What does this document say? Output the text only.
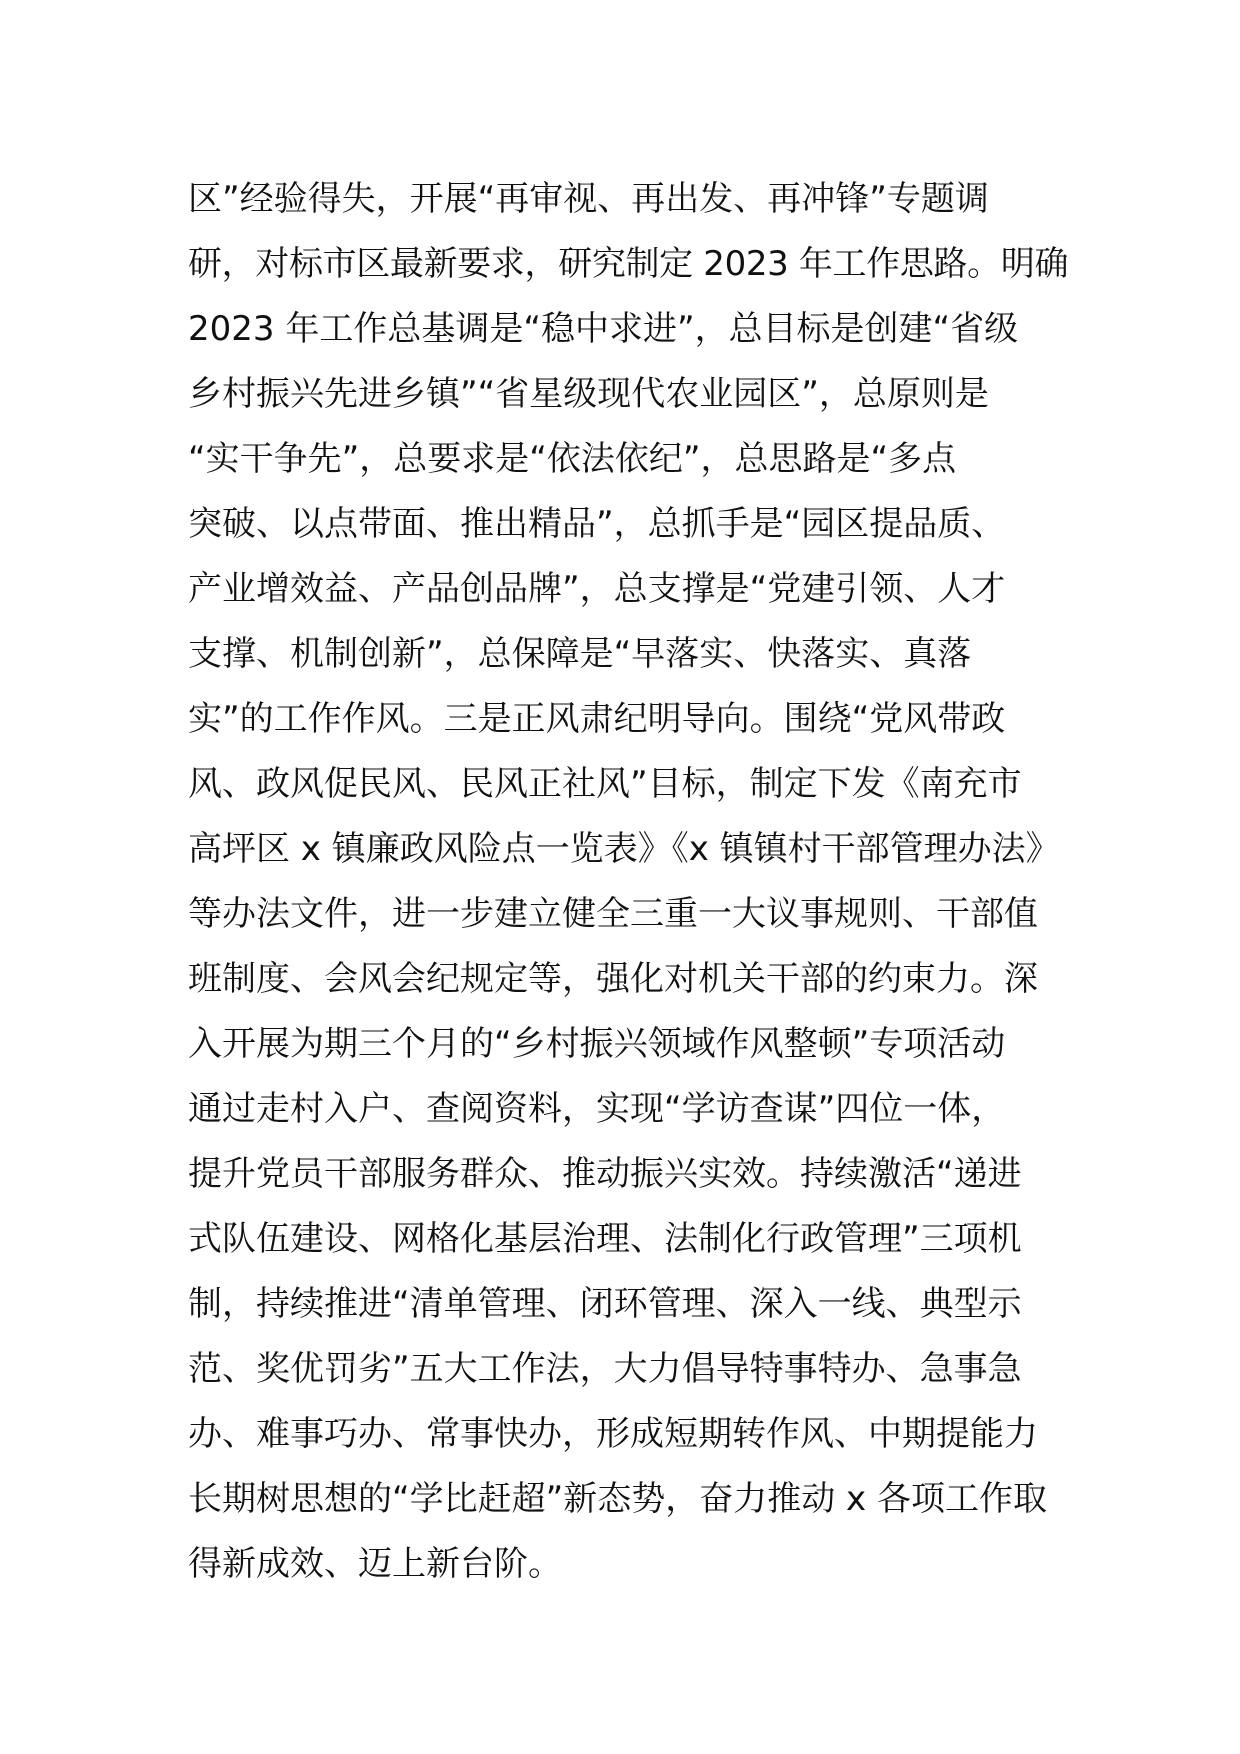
区”经验得失，开展“再审视、再出发、再冲锋”专题调
研，对标市区最新要求，研究制定 2023 年工作思路。明确
2023 年工作总基调是“稳中求进”，总目标是创建“省级
乡村振兴先进乡镇”“省星级现代农业园区”，总原则是
“实干争先”，总要求是“依法依纪”，总思路是“多点
突破、以点带面、推出精品”，总抓手是“园区提品质、
产业增效益、产品创品牌”，总支撑是“党建引领、人才
支撑、机制创新”，总保障是“早落实、快落实、真落
实”的工作作风。三是正风肃纪明导向。围绕“党风带政
风、政风促民风、民风正社风”目标，制定下发《南充市
高坪区 x 镇廉政风险点一览表》《x 镇镇村干部管理办法》
等办法文件，进一步建立健全三重一大议事规则、干部值
班制度、会风会纪规定等，强化对机关干部的约束力。深
入开展为期三个月的“乡村振兴领域作风整顿”专项活动
通过走村入户、查阅资料，实现“学访查谋”四位一体，
提升党员干部服务群众、推动振兴实效。持续激活“递进
式队伍建设、网格化基层治理、法制化行政管理”三项机
制，持续推进“清单管理、闭环管理、深入一线、典型示
范、奖优罚劣”五大工作法，大力倡导特事特办、急事急
办、难事巧办、常事快办，形成短期转作风、中期提能力
长期树思想的“学比赶超”新态势，奋力推动 x 各项工作取
得新成效、迈上新台阶。
